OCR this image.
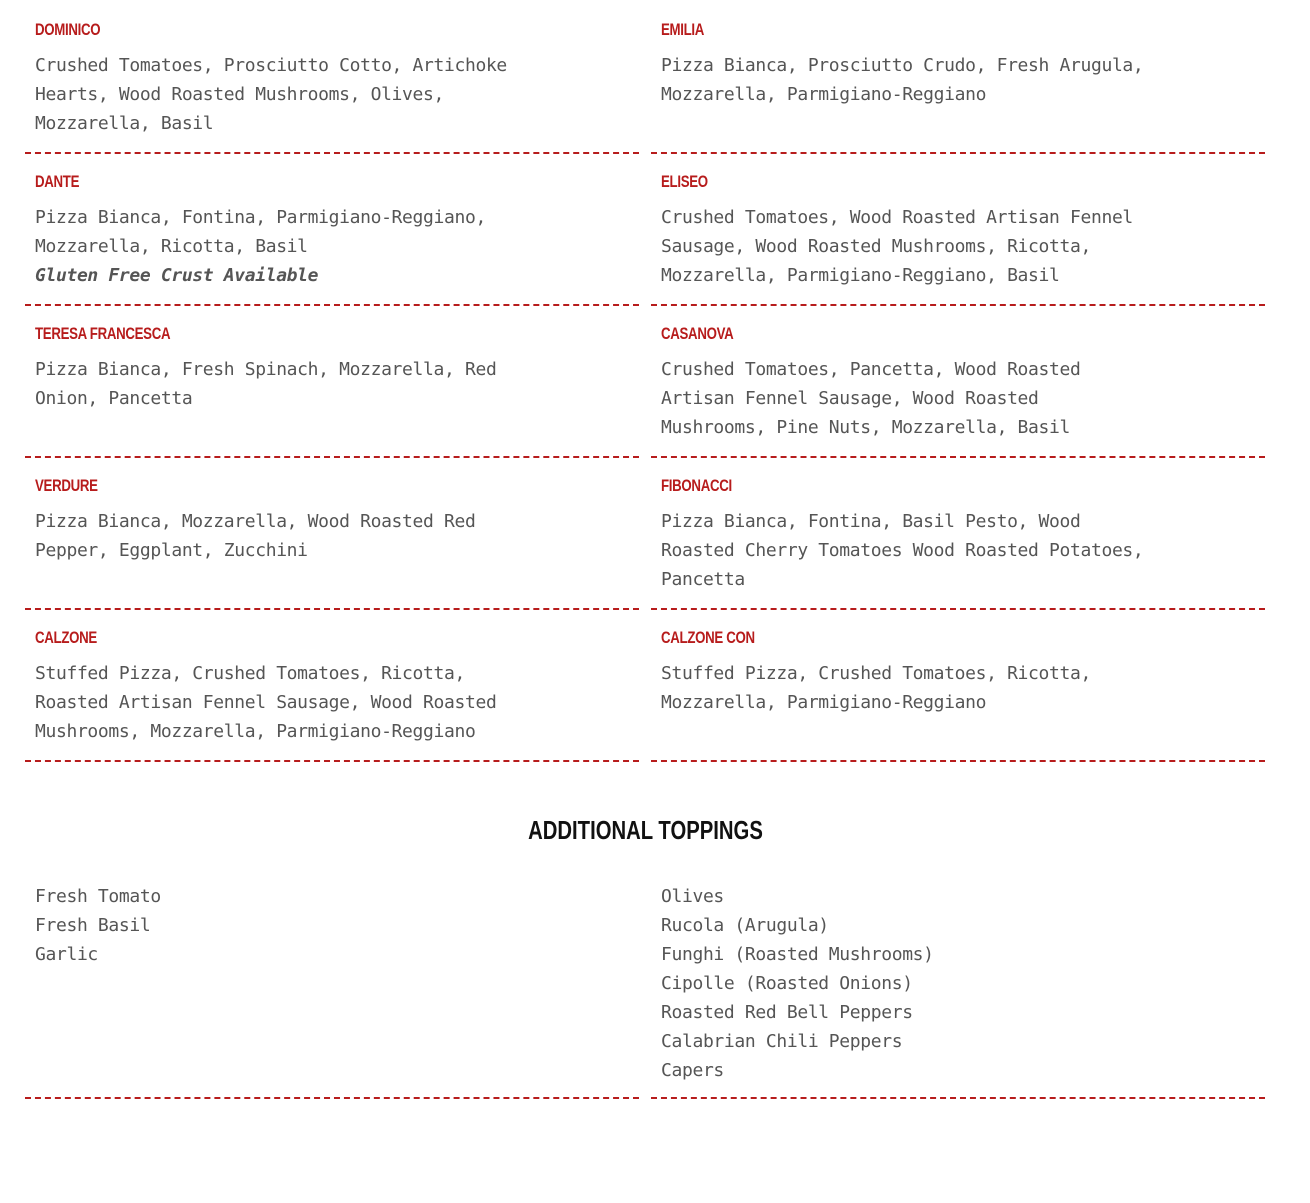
DOMINICO
Crushed Tomatoes, Prosciutto Cotto, Artichoke Hearts, Wood Roasted Mushrooms, Olives, Mozzarella, Basil
EMILIA
Pizza Bianca, Prosciutto Crudo, Fresh Arugula, Mozzarella, Parmigiano-Reggiano
DANTE
Pizza Bianca, Fontina, Parmigiano-Reggiano, Mozzarella, Ricotta, Basil
Gluten Free Crust Available
ELISEO
Crushed Tomatoes, Wood Roasted Artisan Fennel Sausage, Wood Roasted Mushrooms, Ricotta, Mozzarella, Parmigiano-Reggiano, Basil
TERESA FRANCESCA
Pizza Bianca, Fresh Spinach, Mozzarella, Red Onion, Pancetta
CASANOVA
Crushed Tomatoes, Pancetta, Wood Roasted Artisan Fennel Sausage, Wood Roasted Mushrooms, Pine Nuts, Mozzarella, Basil
VERDURE
Pizza Bianca, Mozzarella, Wood Roasted Red Pepper, Eggplant, Zucchini
FIBONACCI
Pizza Bianca, Fontina, Basil Pesto, Wood Roasted Cherry Tomatoes Wood Roasted Potatoes, Pancetta
CALZONE
Stuffed Pizza, Crushed Tomatoes, Ricotta, Roasted Artisan Fennel Sausage, Wood Roasted Mushrooms, Mozzarella, Parmigiano-Reggiano
CALZONE CON
Stuffed Pizza, Crushed Tomatoes, Ricotta, Mozzarella, Parmigiano-Reggiano
ADDITIONAL TOPPINGS
Fresh Tomato
Fresh Basil
Garlic
Olives
Rucola (Arugula)
Funghi (Roasted Mushrooms)
Cipolle (Roasted Onions)
Roasted Red Bell Peppers
Calabrian Chili Peppers
Capers
